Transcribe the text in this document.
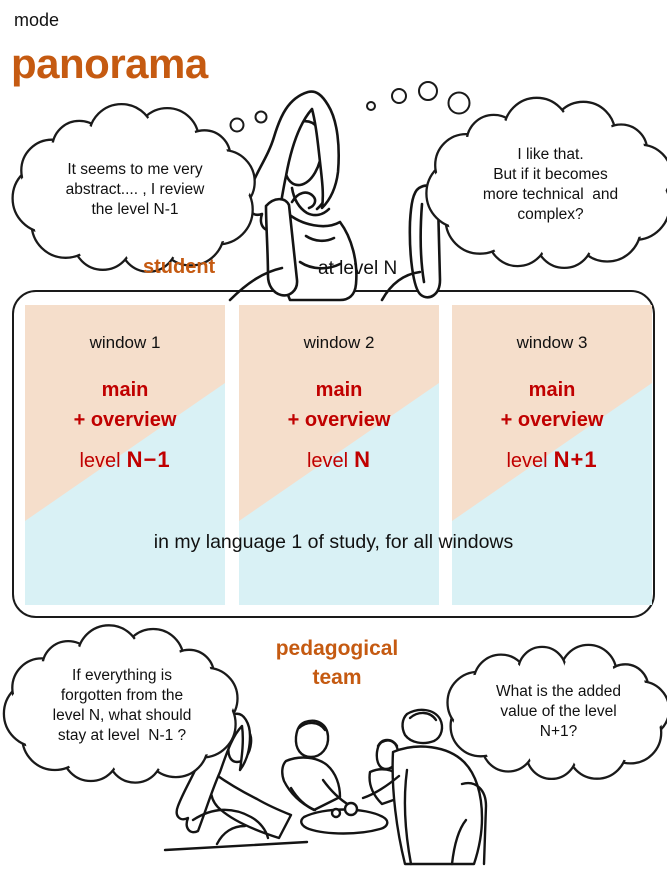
mode
panorama
window 1
main
+ overview
level N−1
window 2
main
+ overview
level N
window 3
main
+ overview
level N+1
in my language 1 of study, for all windows
It seems to me very
abstract.... , I review
the level N-1
I like that.
But if it becomes
more technical  and
complex?
If everything is
forgotten from the
level N, what should
stay at level  N-1 ?
What is the added
value of the level
N+1?
student	at level N
pedagogical
team
